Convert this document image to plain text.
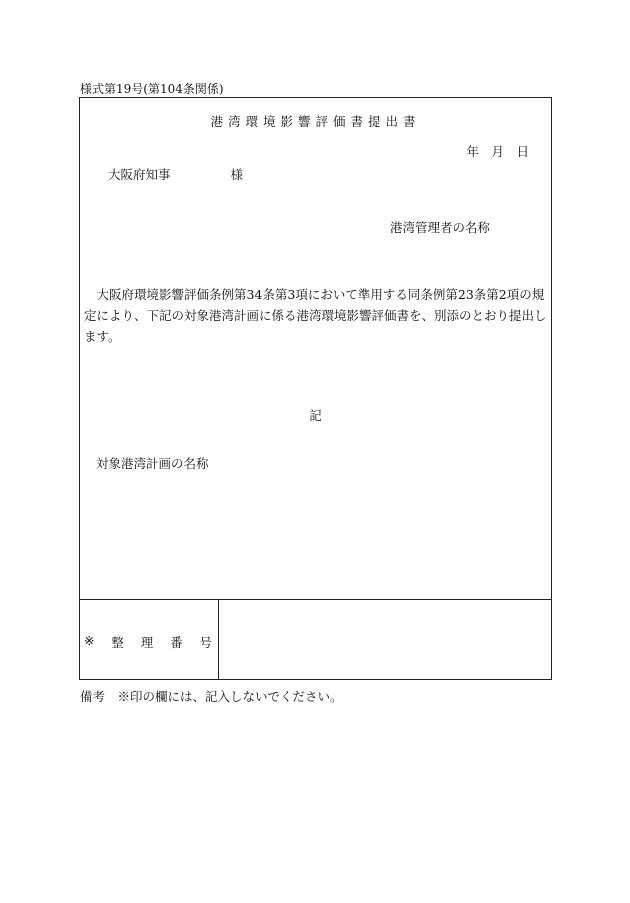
様式第19号(第104条関係)
港湾環境影響評価書提出書
年　月　日
大阪府知事	様
港湾管理者の名称
大阪府環境影響評価条例第34条第3項において準用する同条例第23条第2項の規定により、下記の対象港湾計画に係る港湾環境影響評価書を、別添のとおり提出します。
記
対象港湾計画の名称
※ 整 理 番 号
備考　※印の欄には、記入しないでください。
